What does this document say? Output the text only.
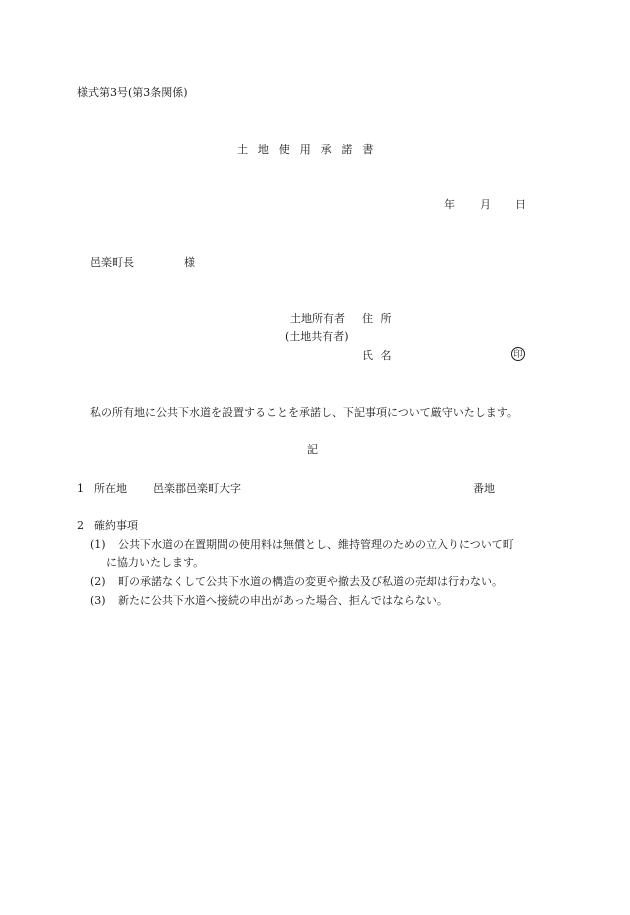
様式第3号(第3条関係)
土地使用承諾書
年 月 日
邑楽町長	様
土地所有者 住 所
(土地共有者)
氏 名	印
私の所有地に公共下水道を設置することを承諾し、下記事項について厳守いたします。
記
1 所在地 邑楽郡邑楽町大字	番地
2 確約事項
(1) 公共下水道の在置期間の使用料は無償とし、維持管理のための立入りについて町
に協力いたします。
(2) 町の承諾なくして公共下水道の構造の変更や撤去及び私道の売却は行わない。
(3) 新たに公共下水道へ接続の申出があった場合、拒んではならない。
